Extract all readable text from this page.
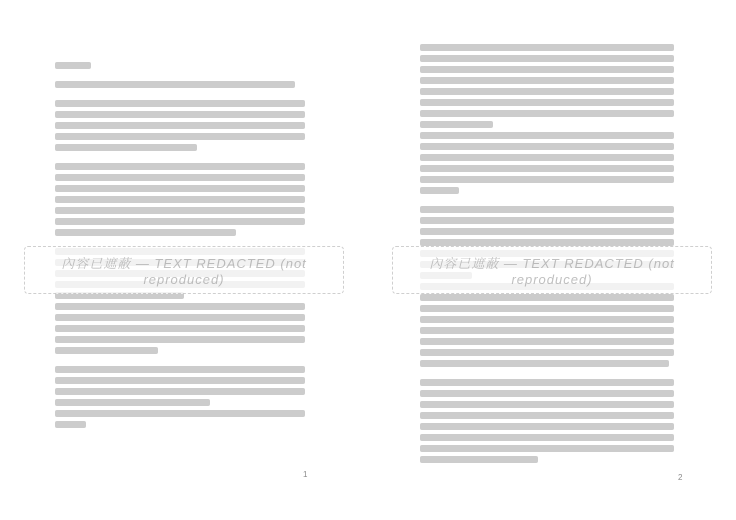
內容已遮蔽 — TEXT REDACTED (not reproduced)
內容已遮蔽 — TEXT REDACTED (not reproduced)
1	2
